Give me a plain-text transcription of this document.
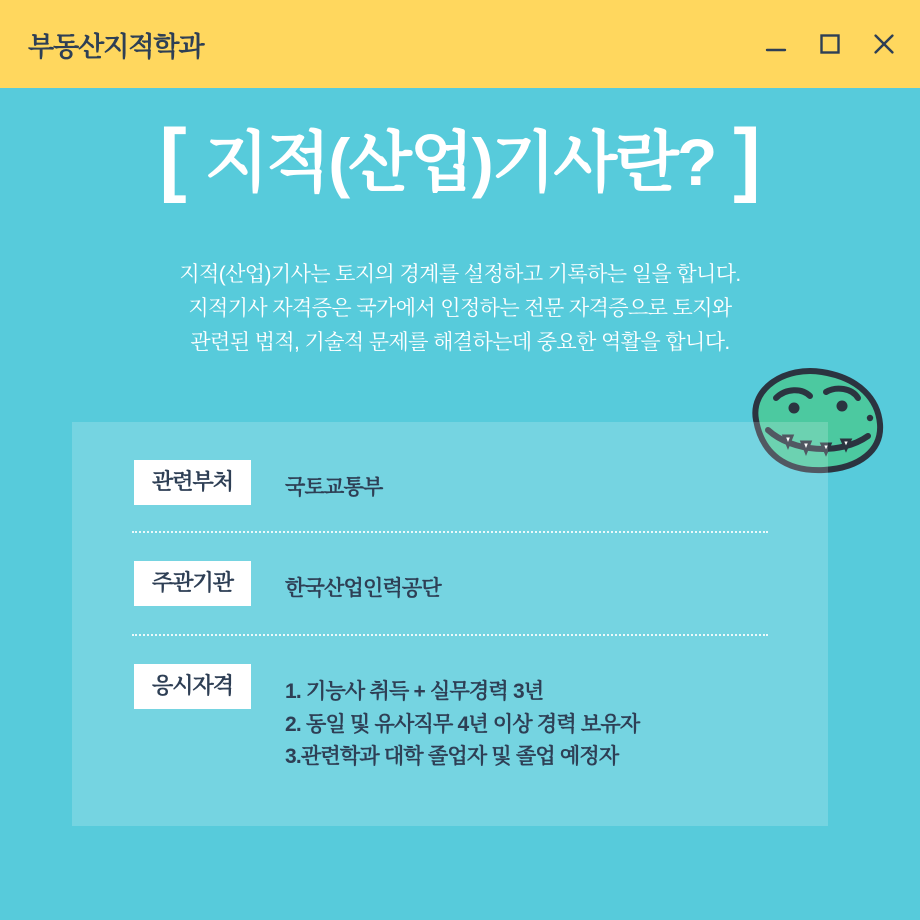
부동산지적학과
[ 지적(산업)기사란? ]
지적(산업)기사는 토지의 경계를 설정하고 기록하는 일을 합니다.
지적기사 자격증은 국가에서 인정하는 전문 자격증으로 토지와
관련된 법적, 기술적 문제를 해결하는데 중요한 역활을 합니다.
관련부처	국토교통부
주관기관	한국산업인력공단
응시자격	1. 기능사 취득 + 실무경력 3년
2. 동일 및 유사직무 4년 이상 경력 보유자
3.관련학과 대학 졸업자 및 졸업 예정자
